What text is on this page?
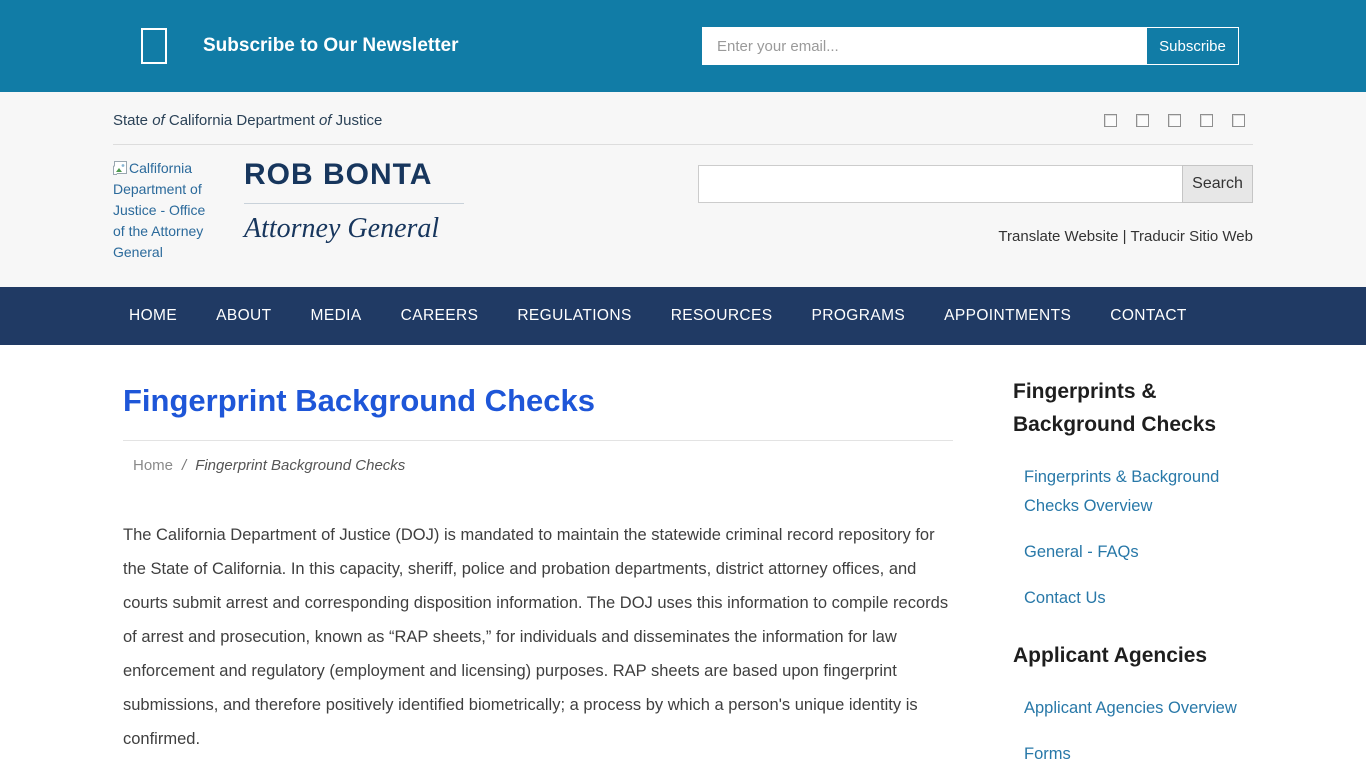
Subscribe to Our Newsletter
Enter your email...	Subscribe
State of California Department of Justice
Calfifornia Department of Justice - Office of the Attorney General
ROB BONTA
Attorney General
Search
Translate Website | Traducir Sitio Web
HOME	ABOUT	MEDIA	CAREERS	REGULATIONS	RESOURCES	PROGRAMS	APPOINTMENTS	CONTACT
Fingerprint Background Checks
Home / Fingerprint Background Checks

The California Department of Justice (DOJ) is mandated to maintain the statewide criminal record repository for the State of California. In this capacity, sheriff, police and probation departments, district attorney offices, and courts submit arrest and corresponding disposition information. The DOJ uses this information to compile records of arrest and prosecution, known as “RAP sheets,” for individuals and disseminates the information for law enforcement and regulatory (employment and licensing) purposes. RAP sheets are based upon fingerprint submissions, and therefore positively identified biometrically; a process by which a person's unique identity is confirmed.

Fingerprints & Background Checks
Fingerprints & Background Checks Overview
General - FAQs
Contact Us
Applicant Agencies
Applicant Agencies Overview
Forms
